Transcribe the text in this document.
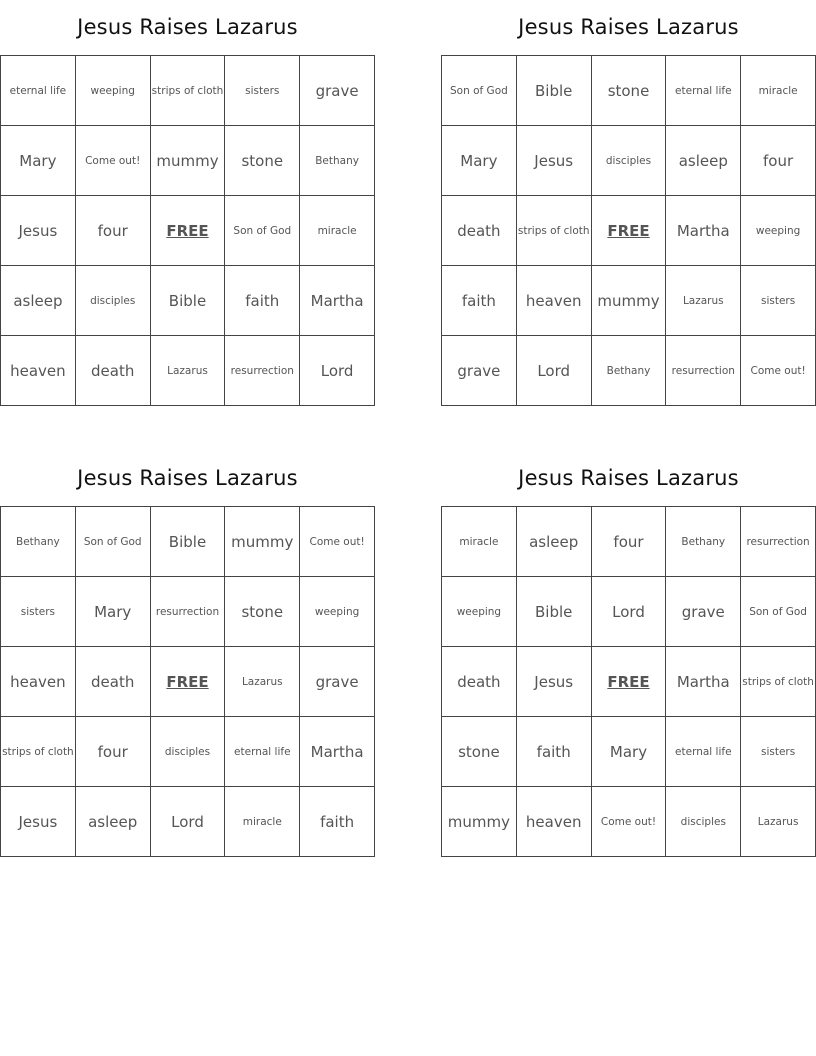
Jesus Raises Lazarus
eternal life	weeping	strips of cloth	sisters	grave
Mary	Come out!	mummy	stone	Bethany
Jesus	four	FREE	Son of God	miracle
asleep	disciples	Bible	faith	Martha
heaven	death	Lazarus	resurrection	Lord
Jesus Raises Lazarus
Son of God	Bible	stone	eternal life	miracle
Mary	Jesus	disciples	asleep	four
death	strips of cloth	FREE	Martha	weeping
faith	heaven	mummy	Lazarus	sisters
grave	Lord	Bethany	resurrection	Come out!
Jesus Raises Lazarus
Bethany	Son of God	Bible	mummy	Come out!
sisters	Mary	resurrection	stone	weeping
heaven	death	FREE	Lazarus	grave
strips of cloth	four	disciples	eternal life	Martha
Jesus	asleep	Lord	miracle	faith
Jesus Raises Lazarus
miracle	asleep	four	Bethany	resurrection
weeping	Bible	Lord	grave	Son of God
death	Jesus	FREE	Martha	strips of cloth
stone	faith	Mary	eternal life	sisters
mummy	heaven	Come out!	disciples	Lazarus
